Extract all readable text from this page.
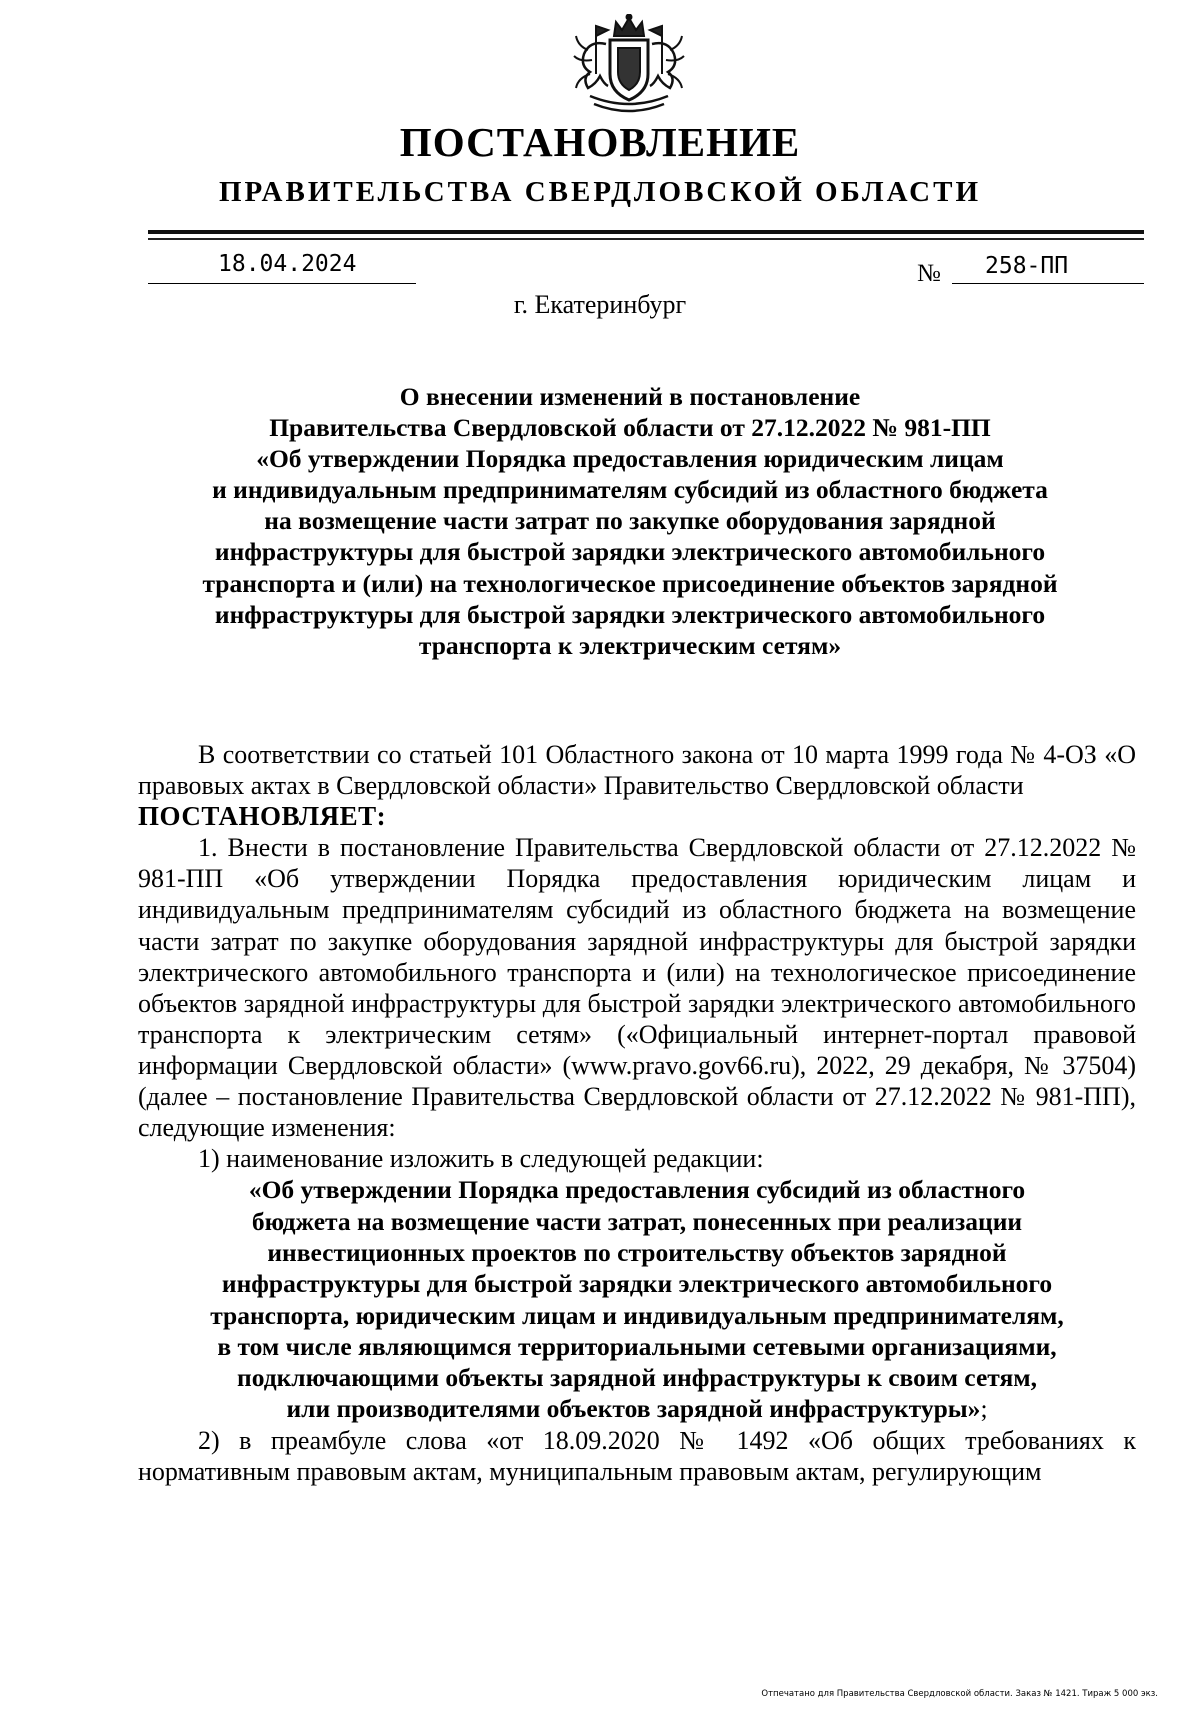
ПОСТАНОВЛЕНИЕ
ПРАВИТЕЛЬСТВА СВЕРДЛОВСКОЙ ОБЛАСТИ
18.04.2024	№ 258-ПП
г. Екатеринбург
О внесении изменений в постановление
Правительства Свердловской области от 27.12.2022 № 981-ПП
«Об утверждении Порядка предоставления юридическим лицам
и индивидуальным предпринимателям субсидий из областного бюджета
на возмещение части затрат по закупке оборудования зарядной
инфраструктуры для быстрой зарядки электрического автомобильного
транспорта и (или) на технологическое присоединение объектов зарядной
инфраструктуры для быстрой зарядки электрического автомобильного
транспорта к электрическим сетям»

В соответствии со статьей 101 Областного закона от 10 марта 1999 года № 4-ОЗ «О правовых актах в Свердловской области» Правительство Свердловской области

ПОСТАНОВЛЯЕТ:

1. Внести в постановление Правительства Свердловской области от 27.12.2022 № 981-ПП «Об утверждении Порядка предоставления юридическим лицам и индивидуальным предпринимателям субсидий из областного бюджета на возмещение части затрат по закупке оборудования зарядной инфраструктуры для быстрой зарядки электрического автомобильного транспорта и (или) на технологическое присоединение объектов зарядной инфраструктуры для быстрой зарядки электрического автомобильного транспорта к электрическим сетям» («Официальный интернет-портал правовой информации Свердловской области» (www.pravo.gov66.ru), 2022, 29 декабря, № 37504) (далее – постановление Правительства Свердловской области от 27.12.2022 № 981-ПП), следующие изменения:

1) наименование изложить в следующей редакции:

«Об утверждении Порядка предоставления субсидий из областного
бюджета на возмещение части затрат, понесенных при реализации
инвестиционных проектов по строительству объектов зарядной
инфраструктуры для быстрой зарядки электрического автомобильного
транспорта, юридическим лицам и индивидуальным предпринимателям,
в том числе являющимся территориальными сетевыми организациями,
подключающими объекты зарядной инфраструктуры к своим сетям,
или производителями объектов зарядной инфраструктуры»;

2) в преамбуле слова «от 18.09.2020 № 1492 «Об общих требованиях к нормативным правовым актам, муниципальным правовым актам, регулирующим

Отпечатано для Правительства Свердловской области. Заказ № 1421. Тираж 5 000 экз.
